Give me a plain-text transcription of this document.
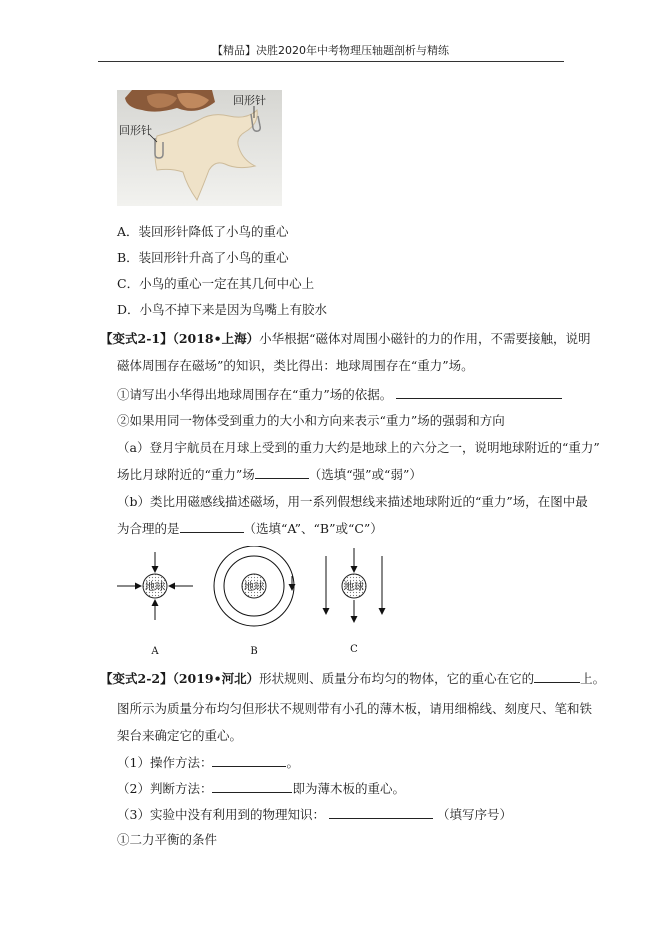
【精品】决胜2020年中考物理压轴题剖析与精练
回形针
回形针
A．装回形针降低了小鸟的重心
B．装回形针升高了小鸟的重心
C．小鸟的重心一定在其几何中心上
D．小鸟不掉下来是因为鸟嘴上有胶水
【变式2-1】（2018•上海）小华根据“磁体对周围小磁针的力的作用，不需要接触，说明
磁体周围存在磁场”的知识，类比得出：地球周围存在“重力”场。
①请写出小华得出地球周围存在“重力”场的依据。
②如果用同一物体受到重力的大小和方向来表示“重力”场的强弱和方向
（a）登月宇航员在月球上受到的重力大约是地球上的六分之一，说明地球附近的“重力”
场比月球附近的“重力”场	（选填“强”或“弱”）
（b）类比用磁感线描述磁场，用一系列假想线来描述地球附近的“重力”场，在图中最
为合理的是	（选填“A”、“B”或“C”）
地球
A
地球
B
地球
C
【变式2-2】（2019•河北）形状规则、质量分布均匀的物体，它的重心在它的	上。
图所示为质量分布均匀但形状不规则带有小孔的薄木板，请用细棉线、刻度尺、笔和铁
架台来确定它的重心。
（1）操作方法：	。
（2）判断方法：	即为薄木板的重心。
（3）实验中没有利用到的物理知识：	（填写序号）
①二力平衡的条件
